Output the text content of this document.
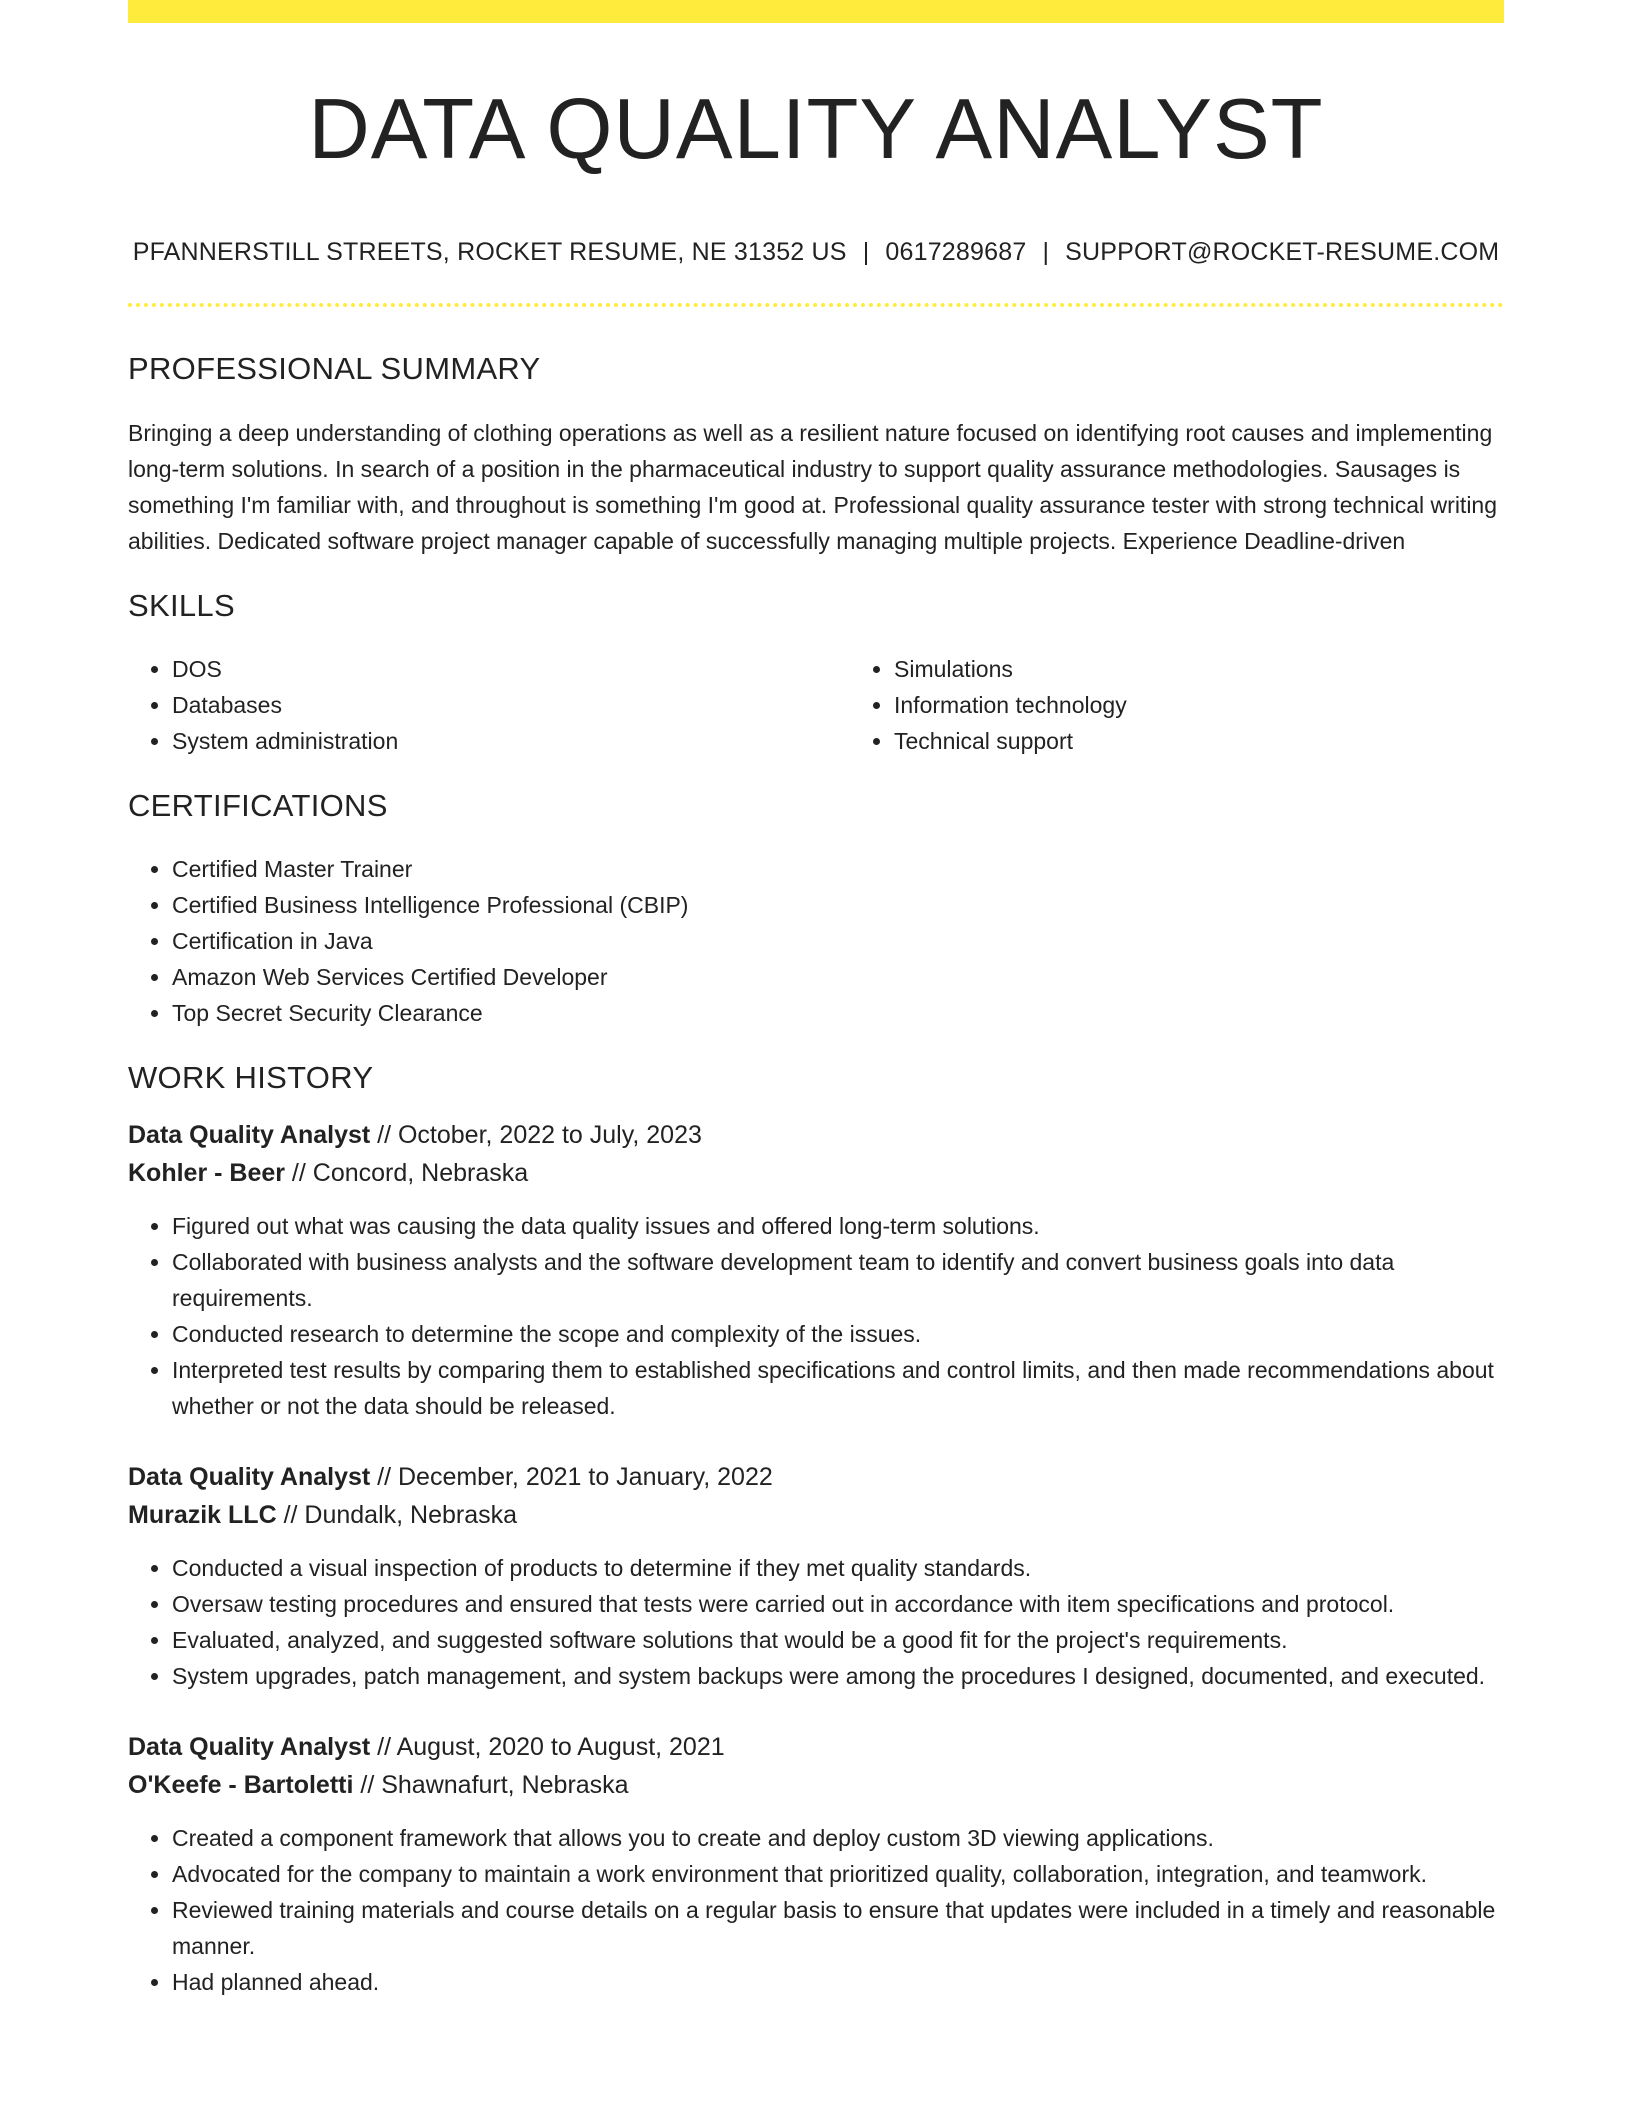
DATA QUALITY ANALYST
PFANNERSTILL STREETS, ROCKET RESUME, NE 31352 US | 0617289687 | SUPPORT@ROCKET-RESUME.COM
PROFESSIONAL SUMMARY

Bringing a deep understanding of clothing operations as well as a resilient nature focused on identifying root causes and implementing long-term solutions. In search of a position in the pharmaceutical industry to support quality assurance methodologies. Sausages is something I'm familiar with, and throughout is something I'm good at. Professional quality assurance tester with strong technical writing abilities. Dedicated software project manager capable of successfully managing multiple projects. Experience Deadline-driven

SKILLS
• DOS
• Databases
• System administration
• Simulations
• Information technology
• Technical support
CERTIFICATIONS
• Certified Master Trainer
• Certified Business Intelligence Professional (CBIP)
• Certification in Java
• Amazon Web Services Certified Developer
• Top Secret Security Clearance
WORK HISTORY
Data Quality Analyst // October, 2022 to July, 2023
Kohler - Beer // Concord, Nebraska
• Figured out what was causing the data quality issues and offered long-term solutions.
• Collaborated with business analysts and the software development team to identify and convert business goals into data requirements.
• Conducted research to determine the scope and complexity of the issues.
• Interpreted test results by comparing them to established specifications and control limits, and then made recommendations about whether or not the data should be released.
Data Quality Analyst // December, 2021 to January, 2022
Murazik LLC // Dundalk, Nebraska
• Conducted a visual inspection of products to determine if they met quality standards.
• Oversaw testing procedures and ensured that tests were carried out in accordance with item specifications and protocol.
• Evaluated, analyzed, and suggested software solutions that would be a good fit for the project's requirements.
• System upgrades, patch management, and system backups were among the procedures I designed, documented, and executed.
Data Quality Analyst // August, 2020 to August, 2021
O'Keefe - Bartoletti // Shawnafurt, Nebraska
• Created a component framework that allows you to create and deploy custom 3D viewing applications.
• Advocated for the company to maintain a work environment that prioritized quality, collaboration, integration, and teamwork.
• Reviewed training materials and course details on a regular basis to ensure that updates were included in a timely and reasonable manner.
• Had planned ahead.
